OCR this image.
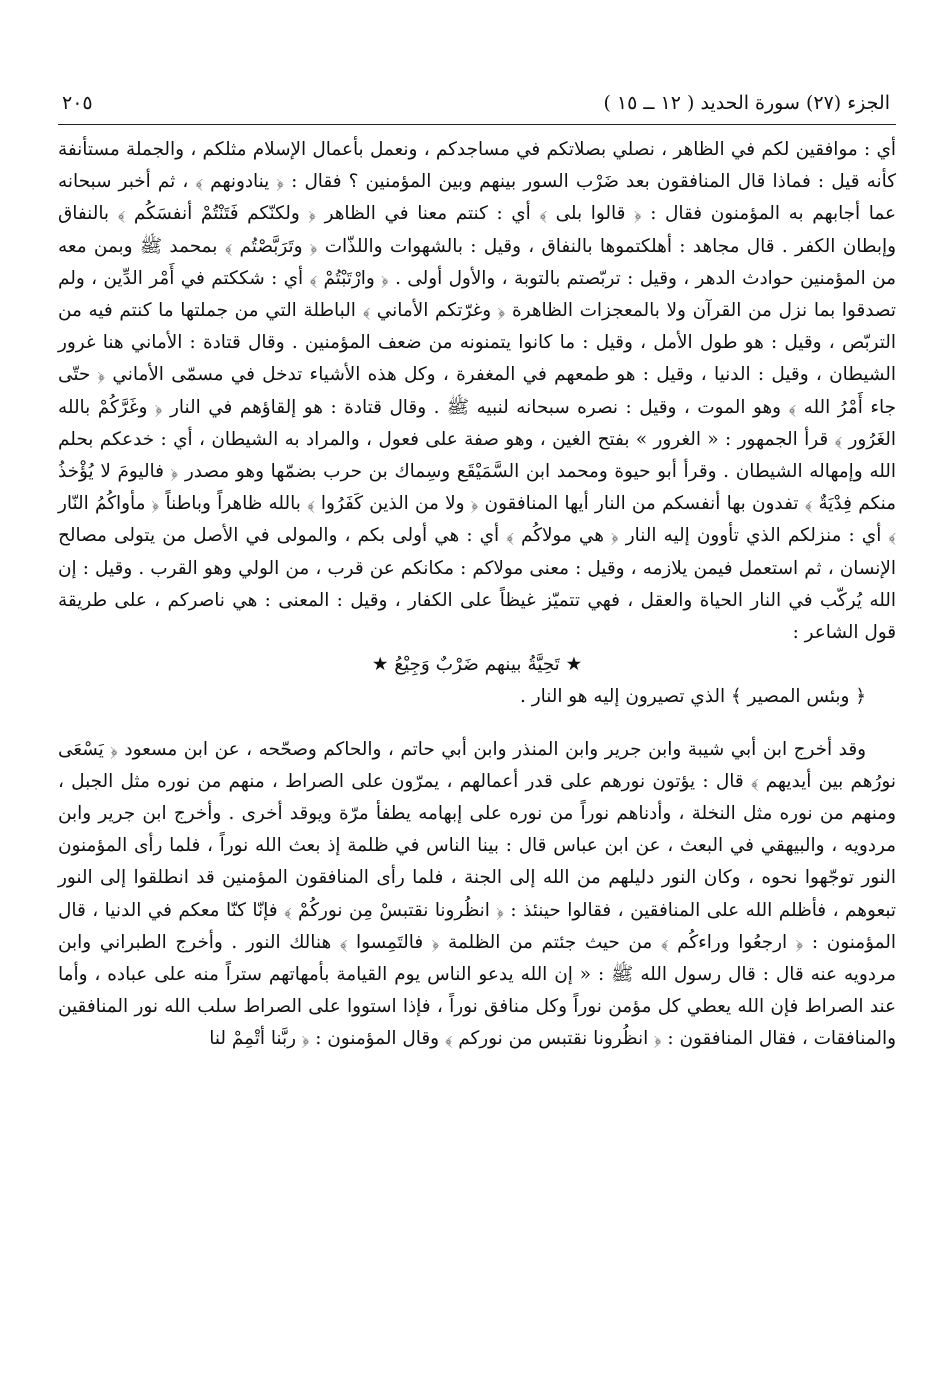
الجزء (٢٧) سورة الحديد ( ١٢ ــ ١٥ )
٢٠٥

أي : موافقين لكم في الظاهر ، نصلي بصلاتكم في مساجدكم ، ونعمل بأعمال الإسلام مثلكم ، والجملة مستأنفة كأنه قيل : فماذا قال المنافقون بعد ضَرْب السور بينهم وبين المؤمنين ؟ فقال : ﴿ ينادونهم ﴾ ، ثم أخبر سبحانه عما أجابهم به المؤمنون فقال : ﴿ قالوا بلى ﴾ أي : كنتم معنا في الظاهر ﴿ ولكنّكم فَتَنْتُمْ أنفسَكُم ﴾ بالنفاق وإبطان الكفر . قال مجاهد : أهلكتموها بالنفاق ، وقيل : بالشهوات واللذّات ﴿ وتَرَبَّصْتُم ﴾ بمحمد ﷺ وبمن معه من المؤمنين حوادث الدهر ، وقيل : تربّصتم بالتوبة ، والأول أولى . ﴿ وارْتَبْتُمْ ﴾ أي : شككتم في أَمْر الدِّين ، ولم تصدقوا بما نزل من القرآن ولا بالمعجزات الظاهرة ﴿ وغرّتكم الأماني ﴾ الباطلة التي من جملتها ما كنتم فيه من التربّص ، وقيل : هو طول الأمل ، وقيل : ما كانوا يتمنونه من ضعف المؤمنين . وقال قتادة : الأماني هنا غرور الشيطان ، وقيل : الدنيا ، وقيل : هو طمعهم في المغفرة ، وكل هذه الأشياء تدخل في مسمّى الأماني ﴿ حتّى جاء أَمْرُ الله ﴾ وهو الموت ، وقيل : نصره سبحانه لنبيه ﷺ . وقال قتادة : هو إلقاؤهم في النار ﴿ وغَرَّكُمْ بالله الغَرُور ﴾ قرأ الجمهور : « الغرور » بفتح الغين ، وهو صفة على فعول ، والمراد به الشيطان ، أي : خدعكم بحلم الله وإمهاله الشيطان . وقرأ أبو حيوة ومحمد ابن السَّمَيْقَع وسِماك بن حرب بضمّها وهو مصدر ﴿ فاليومَ لا يُؤْخذُ منكم فِدْيَةٌ ﴾ تفدون بها أنفسكم من النار أيها المنافقون ﴿ ولا من الذين كَفَرُوا ﴾ بالله ظاهراً وباطناً ﴿ مأواكُمُ النّار ﴾ أي : منزلكم الذي تأوون إليه النار ﴿ هي مولاكُم ﴾ أي : هي أولى بكم ، والمولى في الأصل من يتولى مصالح الإنسان ، ثم استعمل فيمن يلازمه ، وقيل : معنى مولاكم : مكانكم عن قرب ، من الولي وهو القرب . وقيل : إن الله يُركّب في النار الحياة والعقل ، فهي تتميّز غيظاً على الكفار ، وقيل : المعنى : هي ناصركم ، على طريقة قول الشاعر :

★ تَحِيَّةُ بينهم ضَرْبٌ وَجِيْعُ ★

﴿ وبئس المصير ﴾ الذي تصيرون إليه هو النار .

وقد أخرج ابن أبي شيبة وابن جرير وابن المنذر وابن أبي حاتم ، والحاكم وصحّحه ، عن ابن مسعود ﴿ يَسْعَى نورُهم بين أيديهم ﴾ قال : يؤتون نورهم على قدر أعمالهم ، يمرّون على الصراط ، منهم من نوره مثل الجبل ، ومنهم من نوره مثل النخلة ، وأدناهم نوراً من نوره على إبهامه يطفأ مرّة ويوقد أخرى . وأخرج ابن جرير وابن مردويه ، والبيهقي في البعث ، عن ابن عباس قال : بينا الناس في ظلمة إذ بعث الله نوراً ، فلما رأى المؤمنون النور توجّهوا نحوه ، وكان النور دليلهم من الله إلى الجنة ، فلما رأى المنافقون المؤمنين قد انطلقوا إلى النور تبعوهم ، فأظلم الله على المنافقين ، فقالوا حينئذ : ﴿ انظُرونا نقتبسْ مِن نوركُمْ ﴾ فإنّا كنّا معكم في الدنيا ، قال المؤمنون : ﴿ ارجعُوا وراءكُم ﴾ من حيث جئتم من الظلمة ﴿ فالتَمِسوا ﴾ هنالك النور . وأخرج الطبراني وابن مردويه عنه قال : قال رسول الله ﷺ : « إن الله يدعو الناس يوم القيامة بأمهاتهم ستراً منه على عباده ، وأما عند الصراط فإن الله يعطي كل مؤمن نوراً وكل منافق نوراً ، فإذا استووا على الصراط سلب الله نور المنافقين والمنافقات ، فقال المنافقون : ﴿ انظُرونا نقتبس من نوركم ﴾ وقال المؤمنون : ﴿ ربَّنا أتْمِمْ لنا
